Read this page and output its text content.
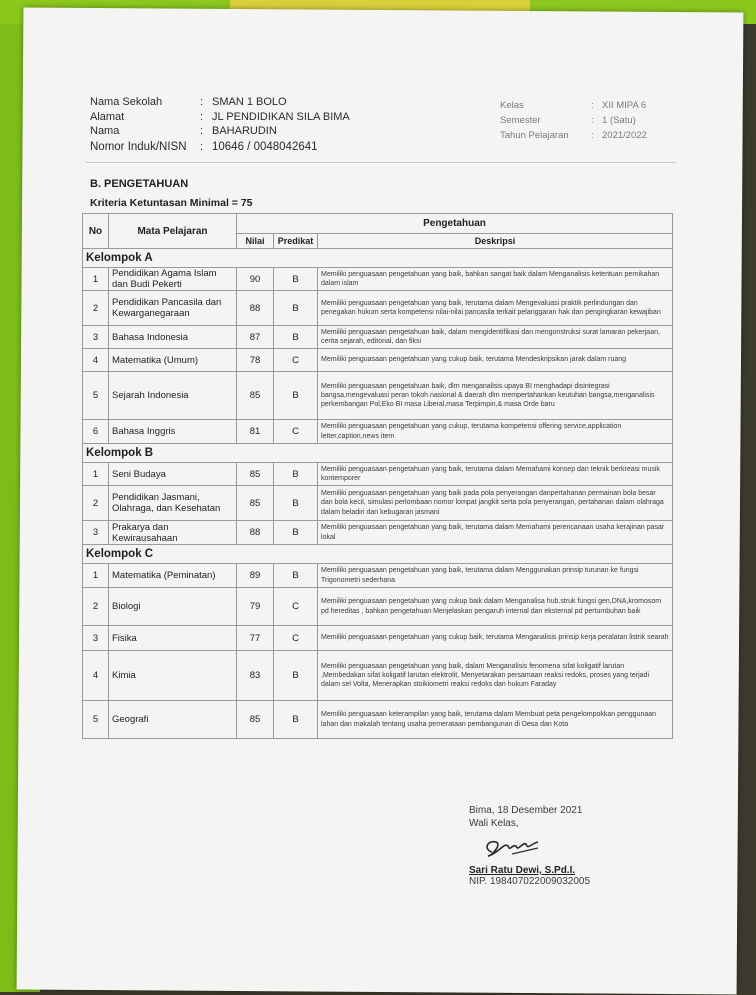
Nama Sekolah	: SMAN 1 BOLO
Alamat	: JL PENDIDIKAN SILA BIMA
Nama	: BAHARUDIN
Nomor Induk/NISN : 10646 / 0048042641
Kelas	: XII MIPA 6
Semester	: 1 (Satu)
Tahun Pelajaran : 2021/2022
B. PENGETAHUAN
Kriteria Ketuntasan Minimal = 75
No	Mata Pelajaran	Pengetahuan		
		Nilai	Predikat	Deskripsi
Kelompok A				
1	Pendidikan Agama Islam dan Budi Pekerti	90	B	Memiliki penguasaan pengetahuan yang baik, bahkan sangat baik dalam Menganalisis ketentuan pernikahan dalam islam
2	Pendidikan Pancasila dan Kewarganegaraan	88	B	Memiliki penguasaan pengetahuan yang baik, terutama dalam Mengevaluasi praktik perlindungan dan penegakan hukum serta kompetensi nilai-nilai pancasila terkait pelanggaran hak dan pengingkaran kewajiban
3	Bahasa Indonesia	87	B	Memiliki penguasaan pengetahuan baik, dalam mengidentifikasi dan mengonstruksi surat lamaran pekerjaan, cerita sejarah, editorial, dan fiksi
4	Matematika (Umum)	78	C	Memiliki penguasaan pengetahuan yang cukup baik, terutama Mendeskripsikan jarak dalam ruang
5	Sejarah Indonesia	85	B	Memiliki penguasaan pengetahuan baik, dlm menganalisis upaya BI menghadapi disintegrasi bangsa,mengevaluasi peran tokoh nasional & daerah dlm mempertahankan keutuhan bangsa,menganalisis perkembangan Pol,Eko BI masa Liberal,masa Terpimpin,& masa Orde baru
6	Bahasa Inggris	81	C	Memiliki penguasaan pengetahuan yang cukup, terutama kompetensi offering service,application letter,caption,news item
Kelompok B				
1	Seni Budaya	85	B	Memiliki penguasaan pengetahuan yang baik, terutama dalam Memahami konsep dan teknik berkreasi musik kontemporer
2	Pendidikan Jasmani, Olahraga, dan Kesehatan	85	B	Memiliki penguasaan pengetahuan yang baik pada pola penyerangan danpertahanan permainan bola besar dan bola kecil, simulasi perlombaan nomor lompat jangkit serta pola penyerangan, pertahanan dalam olahraga dalam beladiri dan kebugaran jasmani
3	Prakarya dan Kewirausahaan	88	B	Memiliki penguasaan pengetahuan yang baik, terutama dalam Memahami perencanaan usaha kerajinan pasar lokal
Kelompok C				
1	Matematika (Peminatan)	89	B	Memiliki penguasaan pengetahuan yang baik, terutama dalam Menggunakan prinsip turunan ke fungsi Trigonometri sederhana
2	Biologi	79	C	Memiliki penguasaan pengetahuan yang cukup baik dalam Menganalisa hub.struk fungsi gen,DNA,kromosom pd hereditas , bahkan pengetahuan Menjelaskan pengaruh internal dan eksternal pd pertumbuhan baik
3	Fisika	77	C	Memiliki penguasaan pengetahuan yang cukup baik, terutama Menganalisis prinsip kerja peralatan listrik searah
4	Kimia	83	B	Memiliki penguasaan pengetahuan yang baik, dalam Menganalisis fenomena sifat koligatif larutan ,Membedakan sifat koligatif larutan elektrolit, Menyetarakan persamaan reaksi redoks, proses yang terjadi dalam sel Volta, Menerapkan stoikiometri reaksi redoks dan hukum Faraday
5	Geografi	85	B	Memiliki penguasaan keterampilan yang baik, terutama dalam Membuat peta pengelompokkan penggunaan lahan dan makalah tentang usaha pemerataan pembangunan di Desa dan Kota
Bima, 18 Desember 2021
Wali Kelas,
Sari Ratu Dewi, S.Pd.I.
NIP. 198407022009032005
